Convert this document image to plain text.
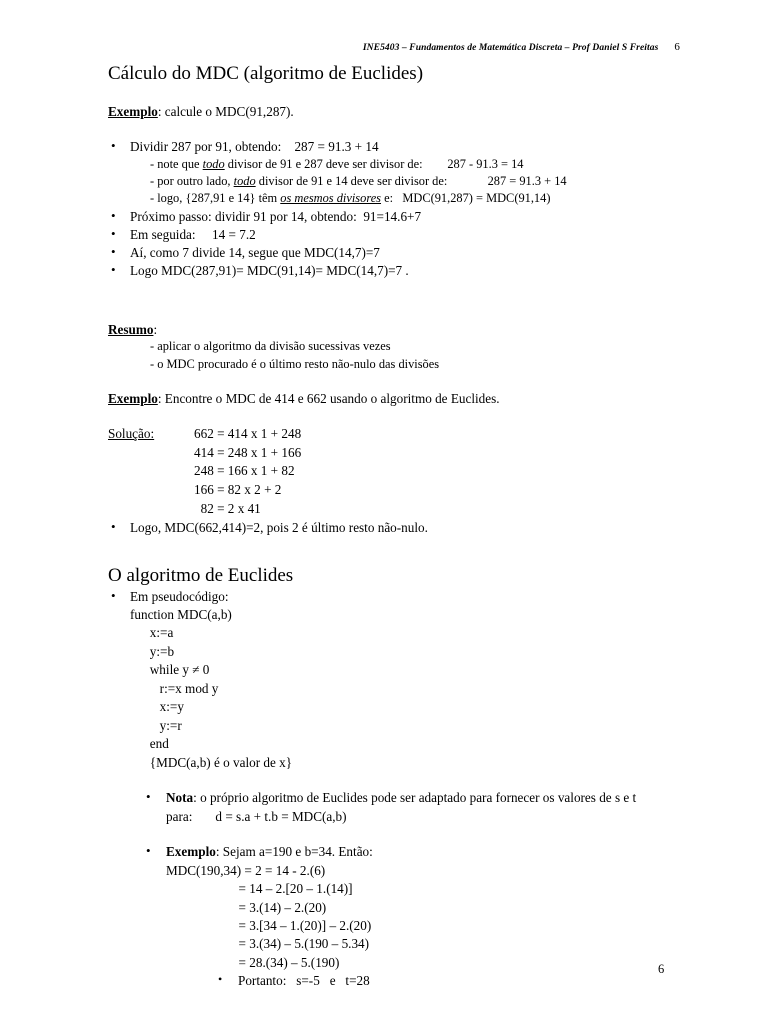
INE5403 – Fundamentos de Matemática Discreta – Prof Daniel S Freitas 6
Cálculo do MDC (algoritmo de Euclides)
Exemplo: calcule o MDC(91,287).
• Dividir 287 por 91, obtendo:    287 = 91.3 + 14
- note que todo divisor de 91 e 287 deve ser divisor de:        287 - 91.3 = 14
- por outro lado, todo divisor de 91 e 14 deve ser divisor de:             287 = 91.3 + 14
- logo, {287,91 e 14} têm os mesmos divisores e:   MDC(91,287) = MDC(91,14)
• Próximo passo: dividir 91 por 14, obtendo:  91=14.6+7
• Em seguida:     14 = 7.2
• Aí, como 7 divide 14, segue que MDC(14,7)=7
• Logo MDC(287,91)= MDC(91,14)= MDC(14,7)=7 .
Resumo:
- aplicar o algoritmo da divisão sucessivas vezes
- o MDC procurado é o último resto não-nulo das divisões
Exemplo: Encontre o MDC de 414 e 662 usando o algoritmo de Euclides.
Solução:	662 = 414 x 1 + 248
414 = 248 x 1 + 166
248 = 166 x 1 + 82
166 = 82 x 2 + 2
82 = 2 x 41
• Logo, MDC(662,414)=2, pois 2 é último resto não-nulo.
O algoritmo de Euclides
• Em pseudocódigo:
function MDC(a,b)
x:=a
y:=b
while y ≠ 0
r:=x mod y
x:=y
y:=r
end
{MDC(a,b) é o valor de x}
• Nota: o próprio algoritmo de Euclides pode ser adaptado para fornecer os valores de s e t
para:       d = s.a + t.b = MDC(a,b)
• Exemplo: Sejam a=190 e b=34. Então:
MDC(190,34) = 2 = 14 - 2.(6)
= 14 – 2.[20 – 1.(14)]
= 3.(14) – 2.(20)
= 3.[34 – 1.(20)] – 2.(20)
= 3.(34) – 5.(190 – 5.34)
= 28.(34) – 5.(190)
• Portanto:   s=-5   e   t=28
6
